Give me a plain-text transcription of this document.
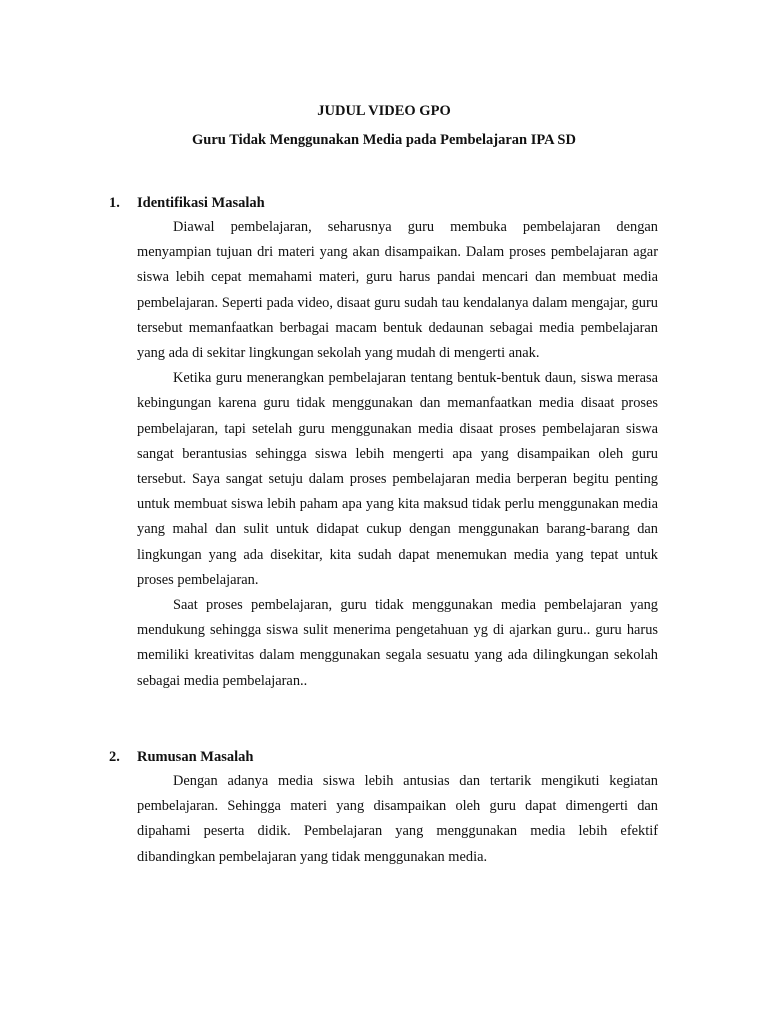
JUDUL VIDEO GPO
Guru Tidak Menggunakan Media pada Pembelajaran IPA SD
1. Identifikasi Masalah

Diawal pembelajaran, seharusnya guru membuka pembelajaran dengan menyampian tujuan dri materi yang akan disampaikan. Dalam proses pembelajaran agar siswa lebih cepat memahami materi, guru harus pandai mencari dan membuat media pembelajaran. Seperti pada video, disaat guru sudah tau kendalanya dalam mengajar, guru tersebut memanfaatkan berbagai macam bentuk dedaunan sebagai media pembelajaran yang ada di sekitar lingkungan sekolah yang mudah di mengerti anak.

Ketika guru menerangkan pembelajaran tentang bentuk-bentuk daun, siswa merasa kebingungan karena guru tidak menggunakan dan memanfaatkan media disaat proses pembelajaran, tapi setelah guru menggunakan media disaat proses pembelajaran siswa sangat berantusias sehingga siswa lebih mengerti apa yang disampaikan oleh guru tersebut. Saya sangat setuju dalam proses pembelajaran media berperan begitu penting untuk membuat siswa lebih paham apa yang kita maksud tidak perlu menggunakan media yang mahal dan sulit untuk didapat cukup dengan menggunakan barang-barang dan lingkungan yang ada disekitar, kita sudah dapat menemukan media yang tepat untuk proses pembelajaran.

Saat proses pembelajaran, guru tidak menggunakan media pembelajaran yang mendukung sehingga siswa sulit menerima pengetahuan yg di ajarkan guru.. guru harus memiliki kreativitas dalam menggunakan segala sesuatu yang ada dilingkungan sekolah sebagai media pembelajaran..

2. Rumusan Masalah

Dengan adanya media siswa lebih antusias dan tertarik mengikuti kegiatan pembelajaran. Sehingga materi yang disampaikan oleh guru dapat dimengerti dan dipahami peserta didik. Pembelajaran yang menggunakan media lebih efektif dibandingkan pembelajaran yang tidak menggunakan media.
